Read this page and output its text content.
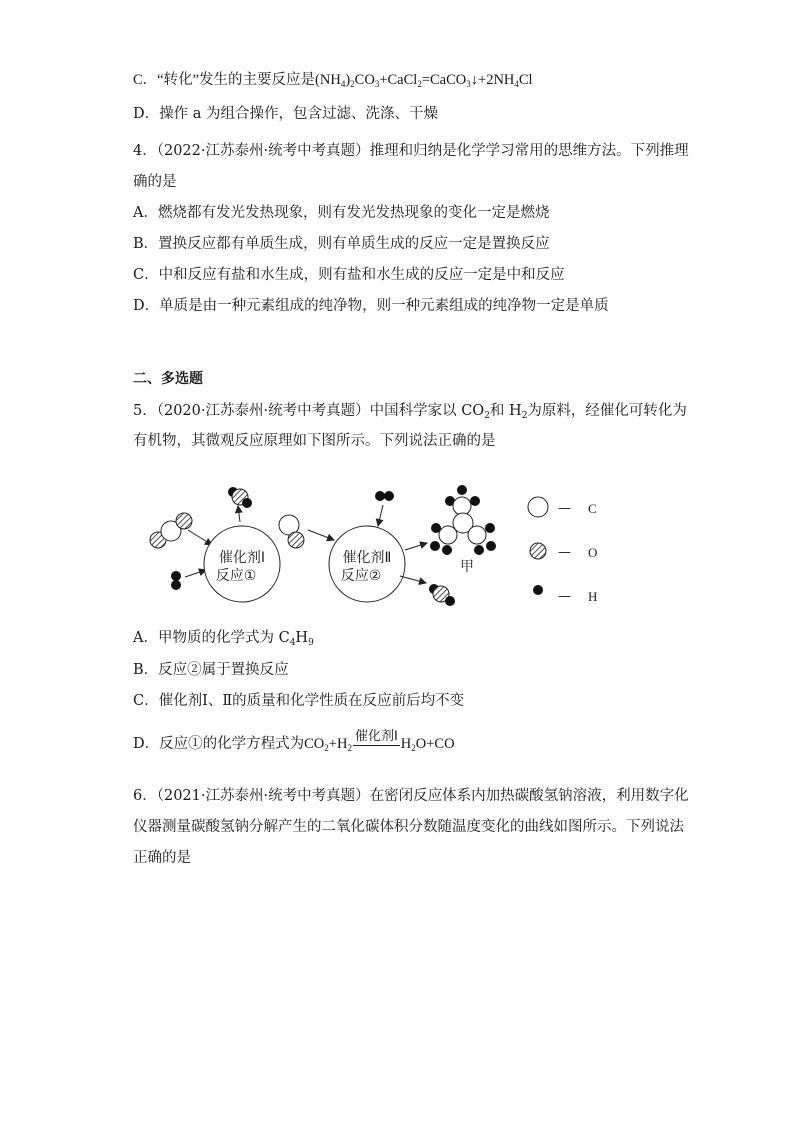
C．“转化”发生的主要反应是$(NH_4)_2CO_3+CaCl_2=CaCO_3↓+2NH_4Cl$
D．操作 a 为组合操作，包含过滤、洗涤、干燥
4．（2022·江苏泰州·统考中考真题）推理和归纳是化学学习常用的思维方法。下列推理
确的是
A．燃烧都有发光发热现象，则有发光发热现象的变化一定是燃烧
B．置换反应都有单质生成，则有单质生成的反应一定是置换反应
C．中和反应有盐和水生成，则有盐和水生成的反应一定是中和反应
D．单质是由一种元素组成的纯净物，则一种元素组成的纯净物一定是单质
二、多选题
5．（2020·江苏泰州·统考中考真题）中国科学家以 $CO_2$和 $H_2$为原料，经催化可转化为
有机物，其微观反应原理如下图所示。下列说法正确的是
催化剂Ⅰ
反应①
催化剂Ⅱ
反应②
甲
— C
— O
— H
A．甲物质的化学式为 $C_4H_9$
B．反应②属于置换反应
C．催化剂Ⅰ、Ⅱ的质量和化学性质在反应前后均不变
D．反应①的化学方程式为$CO_2+H_2$
催化剂Ⅰ
$H_2O+CO$
6．（2021·江苏泰州·统考中考真题）在密闭反应体系内加热碳酸氢钠溶液，利用数字化
仪器测量碳酸氢钠分解产生的二氧化碳体积分数随温度变化的曲线如图所示。下列说法
正确的是
